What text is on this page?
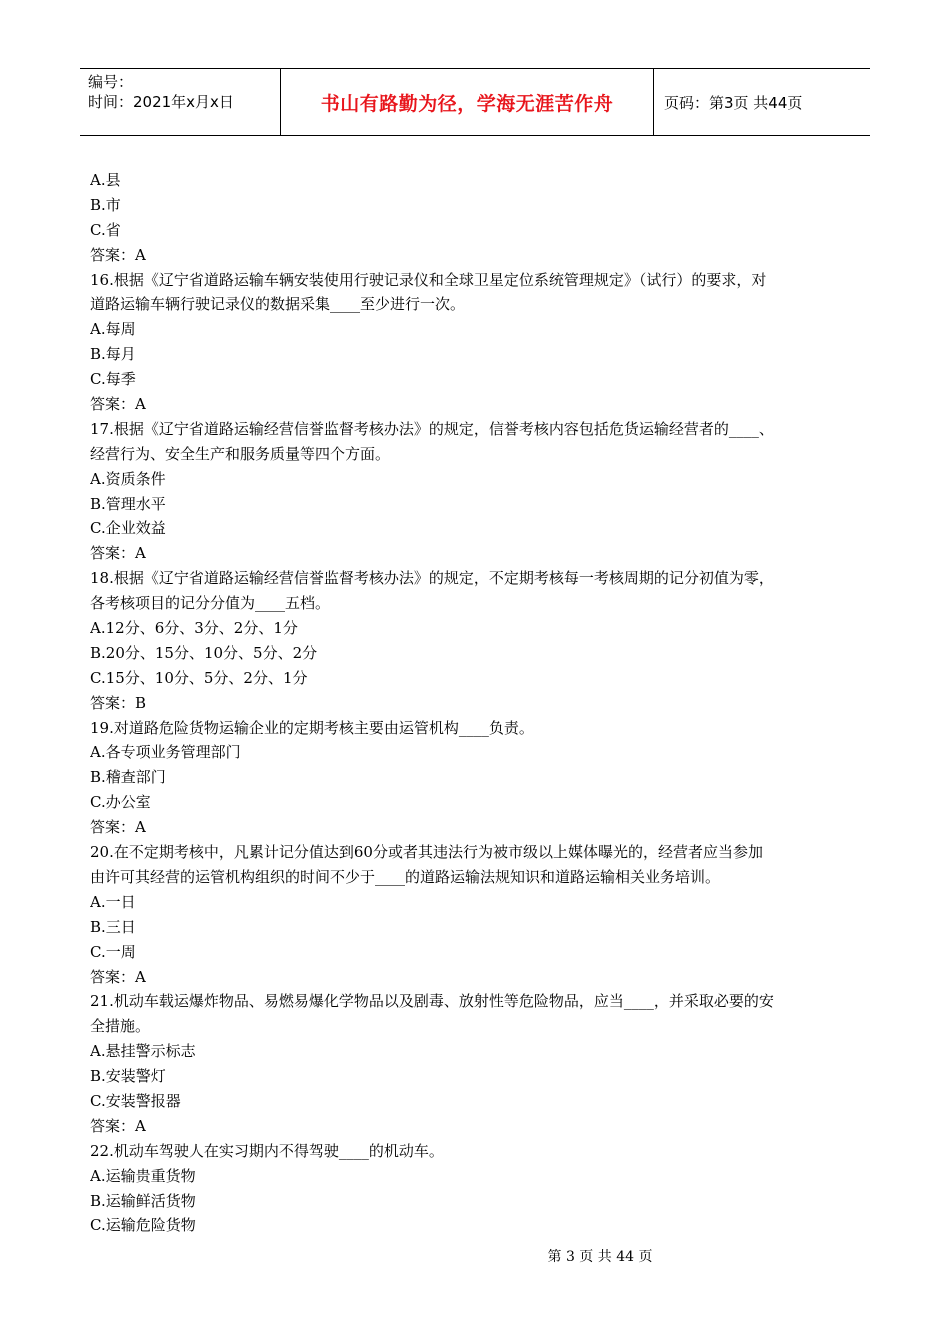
编号：
时间：2021年x月x日	书山有路勤为径，学海无涯苦作舟	页码：第3页 共44页
A.县
B.市
C.省
答案：A
16.根据《辽宁省道路运输车辆安装使用行驶记录仪和全球卫星定位系统管理规定》（试行）的要求，对
道路运输车辆行驶记录仪的数据采集____至少进行一次。
A.每周
B.每月
C.每季
答案：A
17.根据《辽宁省道路运输经营信誉监督考核办法》的规定，信誉考核内容包括危货运输经营者的____、
经营行为、安全生产和服务质量等四个方面。
A.资质条件
B.管理水平
C.企业效益
答案：A
18.根据《辽宁省道路运输经营信誉监督考核办法》的规定，不定期考核每一考核周期的记分初值为零，
各考核项目的记分分值为____五档。
A.12分、6分、3分、2分、1分
B.20分、15分、10分、5分、2分
C.15分、10分、5分、2分、1分
答案：B
19.对道路危险货物运输企业的定期考核主要由运管机构____负责。
A.各专项业务管理部门
B.稽查部门
C.办公室
答案：A
20.在不定期考核中，凡累计记分值达到60分或者其违法行为被市级以上媒体曝光的，经营者应当参加
由许可其经营的运管机构组织的时间不少于____的道路运输法规知识和道路运输相关业务培训。
A.一日
B.三日
C.一周
答案：A
21.机动车载运爆炸物品、易燃易爆化学物品以及剧毒、放射性等危险物品，应当____，并采取必要的安
全措施。
A.悬挂警示标志
B.安装警灯
C.安装警报器
答案：A
22.机动车驾驶人在实习期内不得驾驶____的机动车。
A.运输贵重货物
B.运输鲜活货物
C.运输危险货物
第 3 页 共 44 页
